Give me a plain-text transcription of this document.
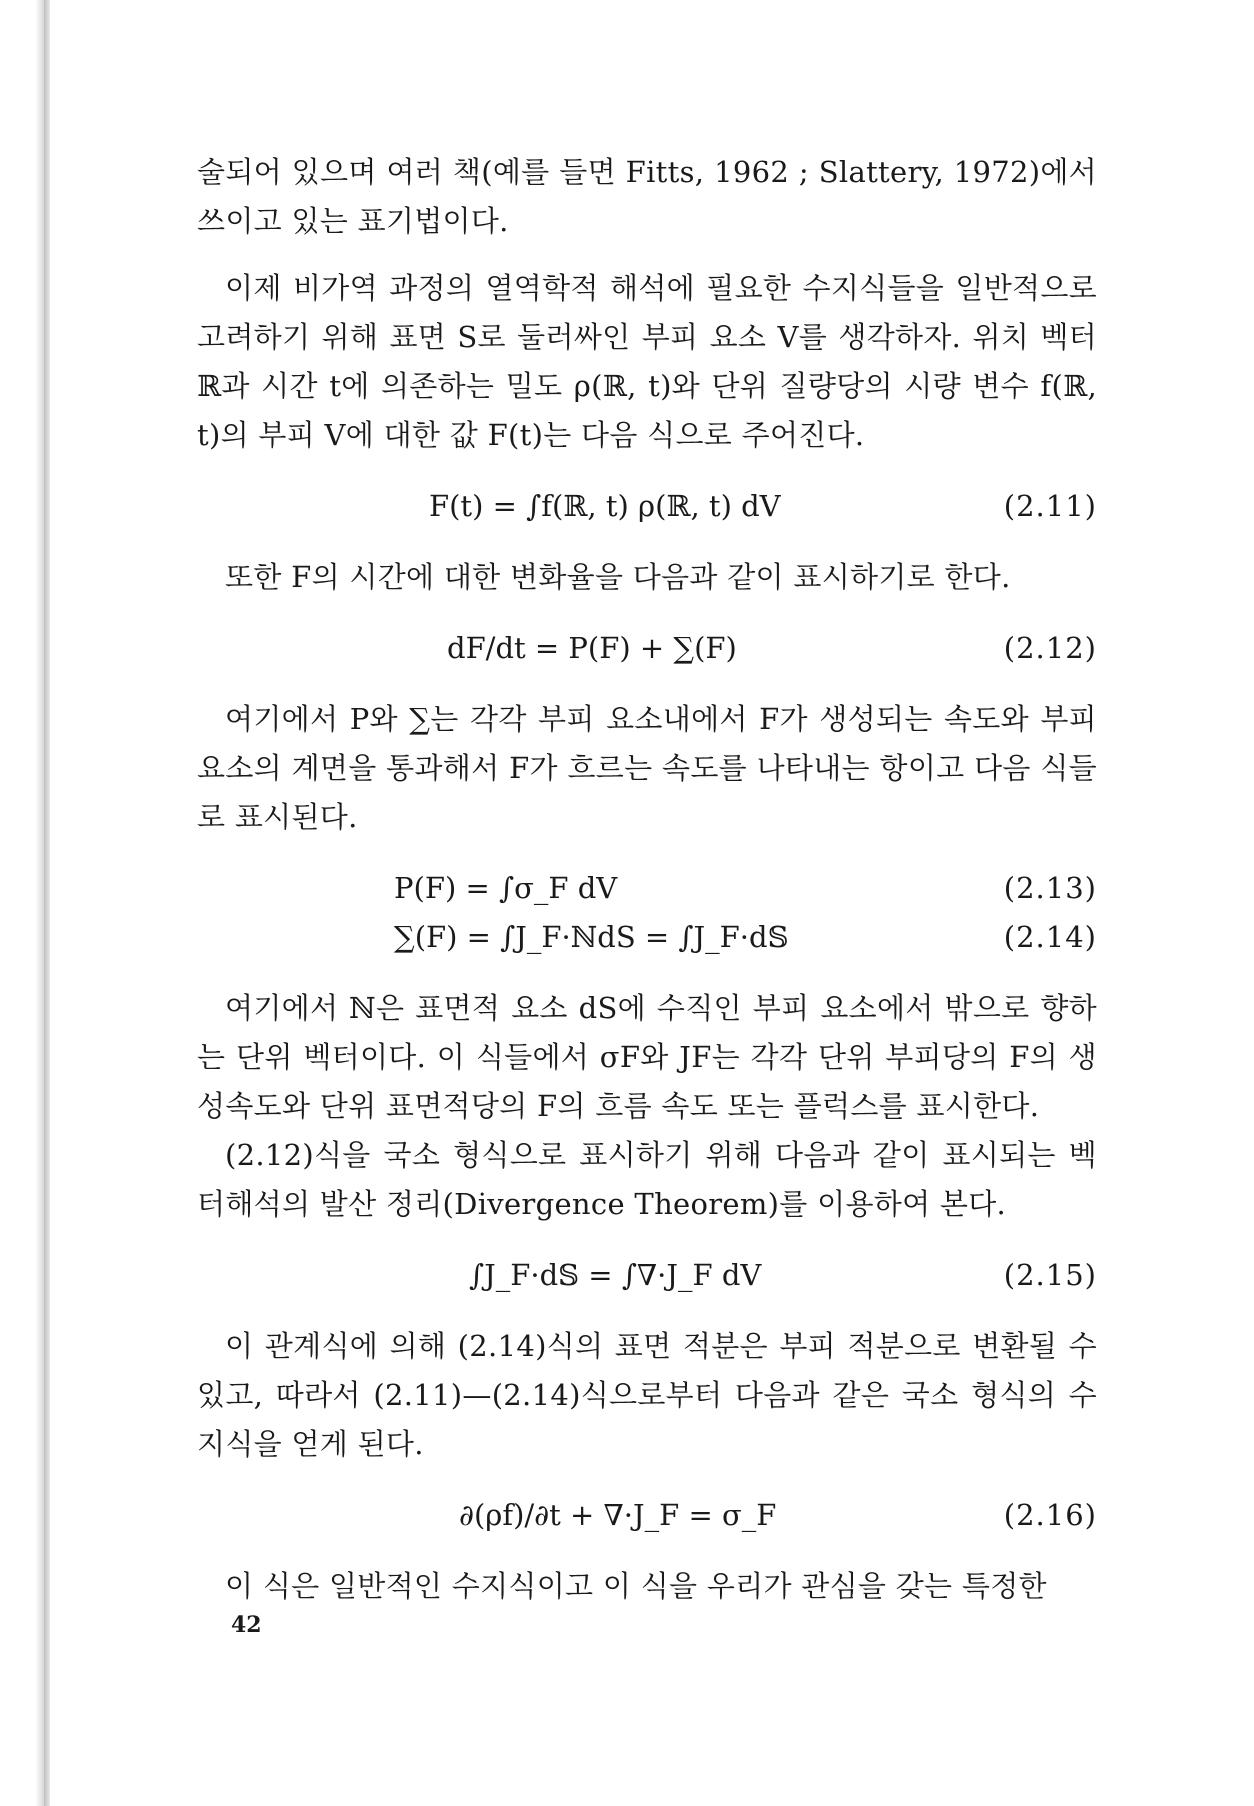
술되어 있으며 여러 책(예를 들면 Fitts, 1962 ; Slattery, 1972)에서 쓰이고 있는 표기법이다.

이제 비가역 과정의 열역학적 해석에 필요한 수지식들을 일반적으로 고려하기 위해 표면 S로 둘러싸인 부피 요소 V를 생각하자. 위치 벡터 ℝ과 시간 t에 의존하는 밀도 ρ(ℝ, t)와 단위 질량당의 시량 변수 f(ℝ, t)의 부피 V에 대한 값 F(t)는 다음 식으로 주어진다.

F(t) = ∫f(ℝ, t) ρ(ℝ, t) dV	(2.11)

또한 F의 시간에 대한 변화율을 다음과 같이 표시하기로 한다.

dF/dt = P(F) + ∑(F)	(2.12)

여기에서 P와 ∑는 각각 부피 요소내에서 F가 생성되는 속도와 부피 요소의 계면을 통과해서 F가 흐르는 속도를 나타내는 항이고 다음 식들로 표시된다.

P(F) = ∫σ_F dV	(2.13)
∑(F) = ∫J_F·ℕdS = ∫J_F·d𝕊	(2.14)

여기에서 ℕ은 표면적 요소 dS에 수직인 부피 요소에서 밖으로 향하는 단위 벡터이다. 이 식들에서 σF와 JF는 각각 단위 부피당의 F의 생성속도와 단위 표면적당의 F의 흐름 속도 또는 플럭스를 표시한다.

(2.12)식을 국소 형식으로 표시하기 위해 다음과 같이 표시되는 벡터해석의 발산 정리(Divergence Theorem)를 이용하여 본다.

∫J_F·d𝕊 = ∫∇·J_F dV	(2.15)

이 관계식에 의해 (2.14)식의 표면 적분은 부피 적분으로 변환될 수 있고, 따라서 (2.11)—(2.14)식으로부터 다음과 같은 국소 형식의 수지식을 얻게 된다.

∂(ρf)/∂t + ∇·J_F = σ_F	(2.16)

이 식은 일반적인 수지식이고 이 식을 우리가 관심을 갖는 특정한

42
